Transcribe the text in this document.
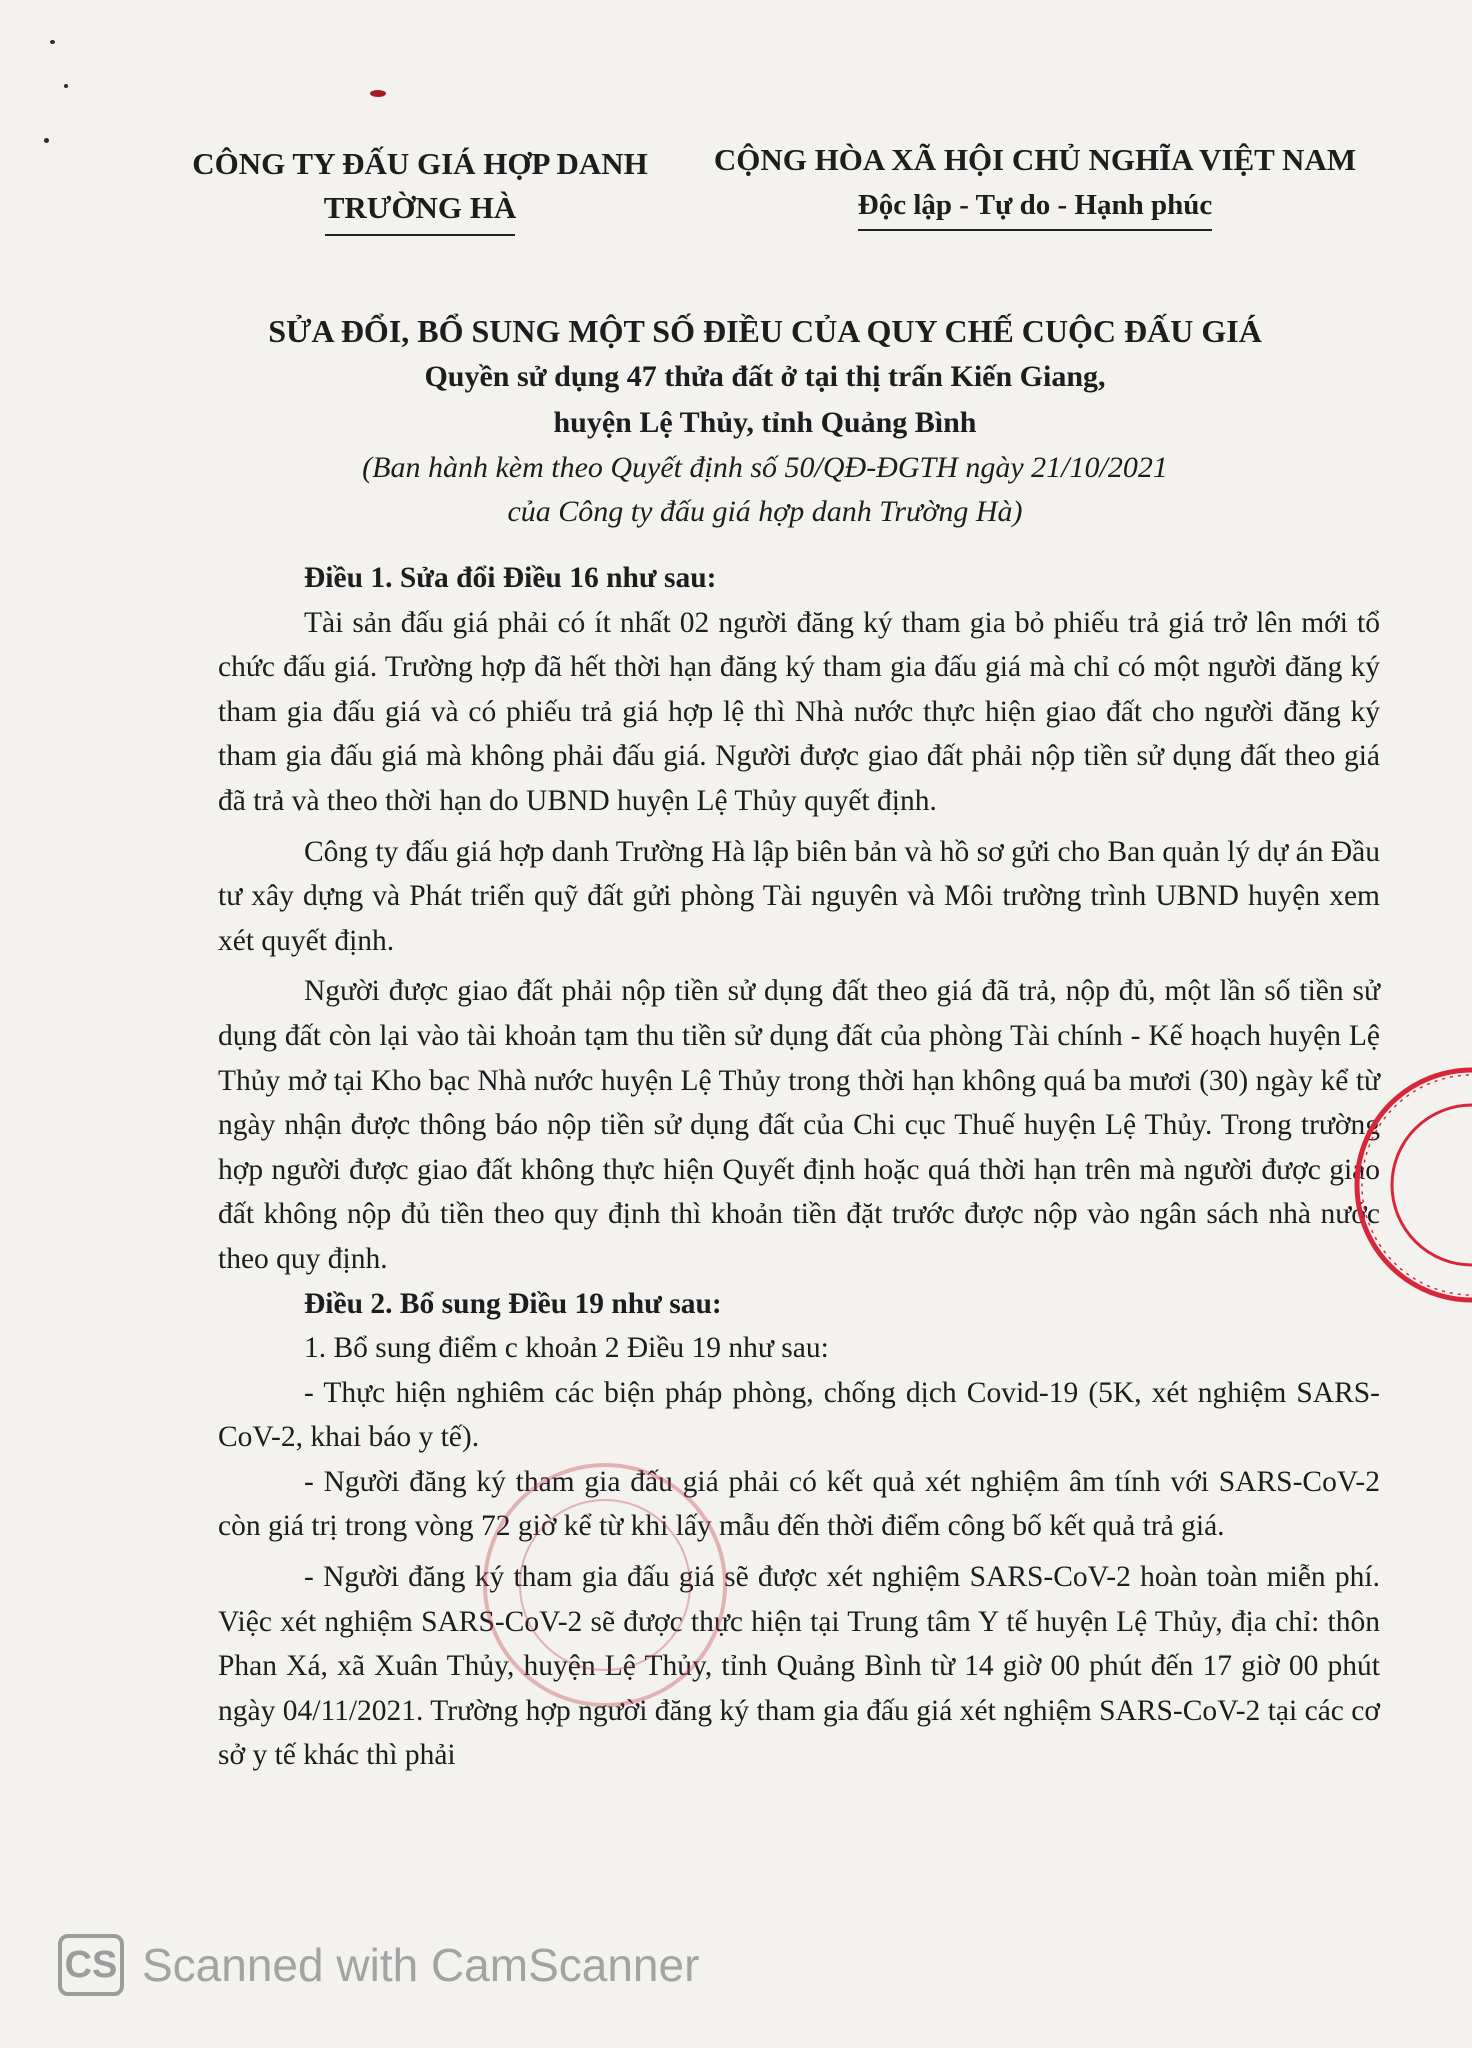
CÔNG TY ĐẤU GIÁ HỢP DANH
TRƯỜNG HÀ
CỘNG HÒA XÃ HỘI CHỦ NGHĨA VIỆT NAM
Độc lập - Tự do - Hạnh phúc
SỬA ĐỔI, BỔ SUNG MỘT SỐ ĐIỀU CỦA QUY CHẾ CUỘC ĐẤU GIÁ
Quyền sử dụng 47 thửa đất ở tại thị trấn Kiến Giang,
huyện Lệ Thủy, tỉnh Quảng Bình
(Ban hành kèm theo Quyết định số 50/QĐ-ĐGTH ngày 21/10/2021
của Công ty đấu giá hợp danh Trường Hà)

Điều 1. Sửa đổi Điều 16 như sau:

Tài sản đấu giá phải có ít nhất 02 người đăng ký tham gia bỏ phiếu trả giá trở lên mới tổ chức đấu giá. Trường hợp đã hết thời hạn đăng ký tham gia đấu giá mà chỉ có một người đăng ký tham gia đấu giá và có phiếu trả giá hợp lệ thì Nhà nước thực hiện giao đất cho người đăng ký tham gia đấu giá mà không phải đấu giá. Người được giao đất phải nộp tiền sử dụng đất theo giá đã trả và theo thời hạn do UBND huyện Lệ Thủy quyết định.

Công ty đấu giá hợp danh Trường Hà lập biên bản và hồ sơ gửi cho Ban quản lý dự án Đầu tư xây dựng và Phát triển quỹ đất gửi phòng Tài nguyên và Môi trường trình UBND huyện xem xét quyết định.

Người được giao đất phải nộp tiền sử dụng đất theo giá đã trả, nộp đủ, một lần số tiền sử dụng đất còn lại vào tài khoản tạm thu tiền sử dụng đất của phòng Tài chính - Kế hoạch huyện Lệ Thủy mở tại Kho bạc Nhà nước huyện Lệ Thủy trong thời hạn không quá ba mươi (30) ngày kể từ ngày nhận được thông báo nộp tiền sử dụng đất của Chi cục Thuế huyện Lệ Thủy. Trong trường hợp người được giao đất không thực hiện Quyết định hoặc quá thời hạn trên mà người được giao đất không nộp đủ tiền theo quy định thì khoản tiền đặt trước được nộp vào ngân sách nhà nước theo quy định.

Điều 2. Bổ sung Điều 19 như sau:

1. Bổ sung điểm c khoản 2 Điều 19 như sau:

- Thực hiện nghiêm các biện pháp phòng, chống dịch Covid-19 (5K, xét nghiệm SARS-CoV-2, khai báo y tế).

- Người đăng ký tham gia đấu giá phải có kết quả xét nghiệm âm tính với SARS-CoV-2 còn giá trị trong vòng 72 giờ kể từ khi lấy mẫu đến thời điểm công bố kết quả trả giá.

- Người đăng ký tham gia đấu giá sẽ được xét nghiệm SARS-CoV-2 hoàn toàn miễn phí. Việc xét nghiệm SARS-CoV-2 sẽ được thực hiện tại Trung tâm Y tế huyện Lệ Thủy, địa chỉ: thôn Phan Xá, xã Xuân Thủy, huyện Lệ Thủy, tỉnh Quảng Bình từ 14 giờ 00 phút đến 17 giờ 00 phút ngày 04/11/2021. Trường hợp người đăng ký tham gia đấu giá xét nghiệm SARS-CoV-2 tại các cơ sở y tế khác thì phải

CS Scanned with CamScanner
